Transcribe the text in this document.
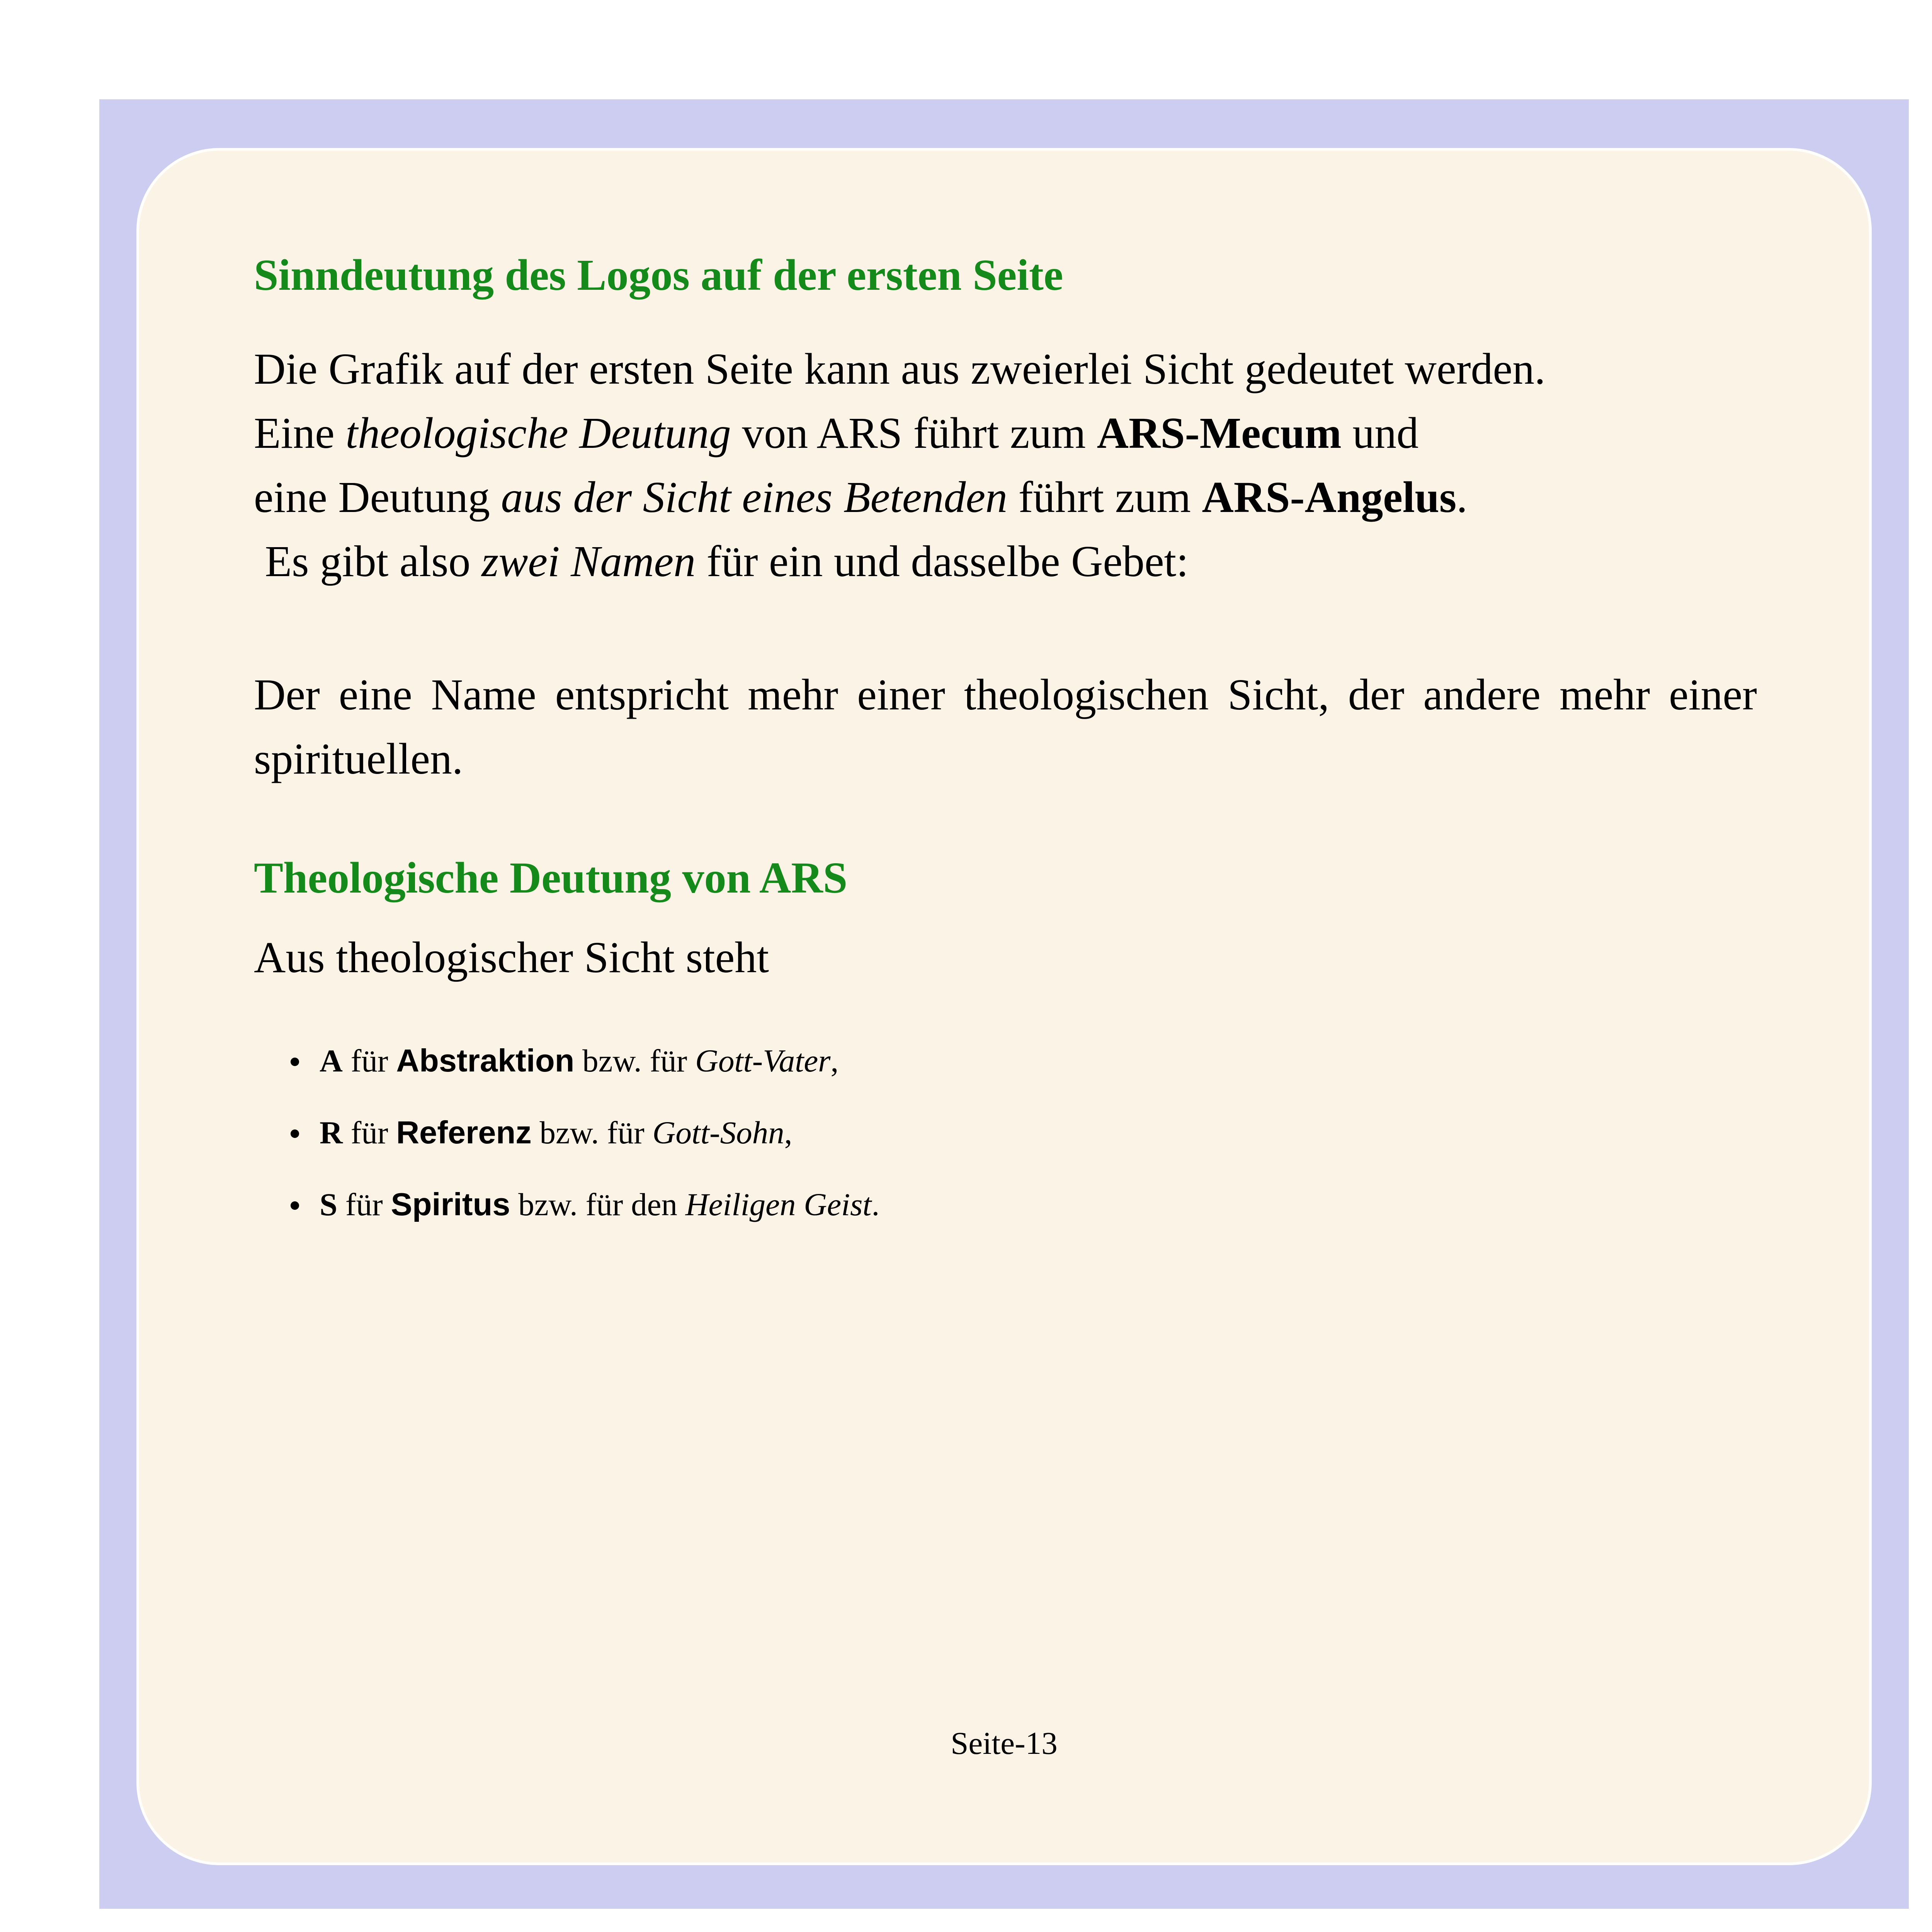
Sinndeutung des Logos auf der ersten Seite
Die Grafik auf der ersten Seite kann aus zweierlei Sicht gedeutet werden.
Eine theologische Deutung von ARS führt zum ARS-Mecum und
eine Deutung aus der Sicht eines Betenden führt zum ARS-Angelus.
Es gibt also zwei Namen für ein und dasselbe Gebet:

Der eine Name entspricht mehr einer theologischen Sicht, der andere mehr einer spirituellen.

Theologische Deutung von ARS

Aus theologischer Sicht steht

A für Abstraktion bzw. für Gott-Vater,
R für Referenz bzw. für Gott-Sohn,
S für Spiritus bzw. für den Heiligen Geist.
Seite-13
